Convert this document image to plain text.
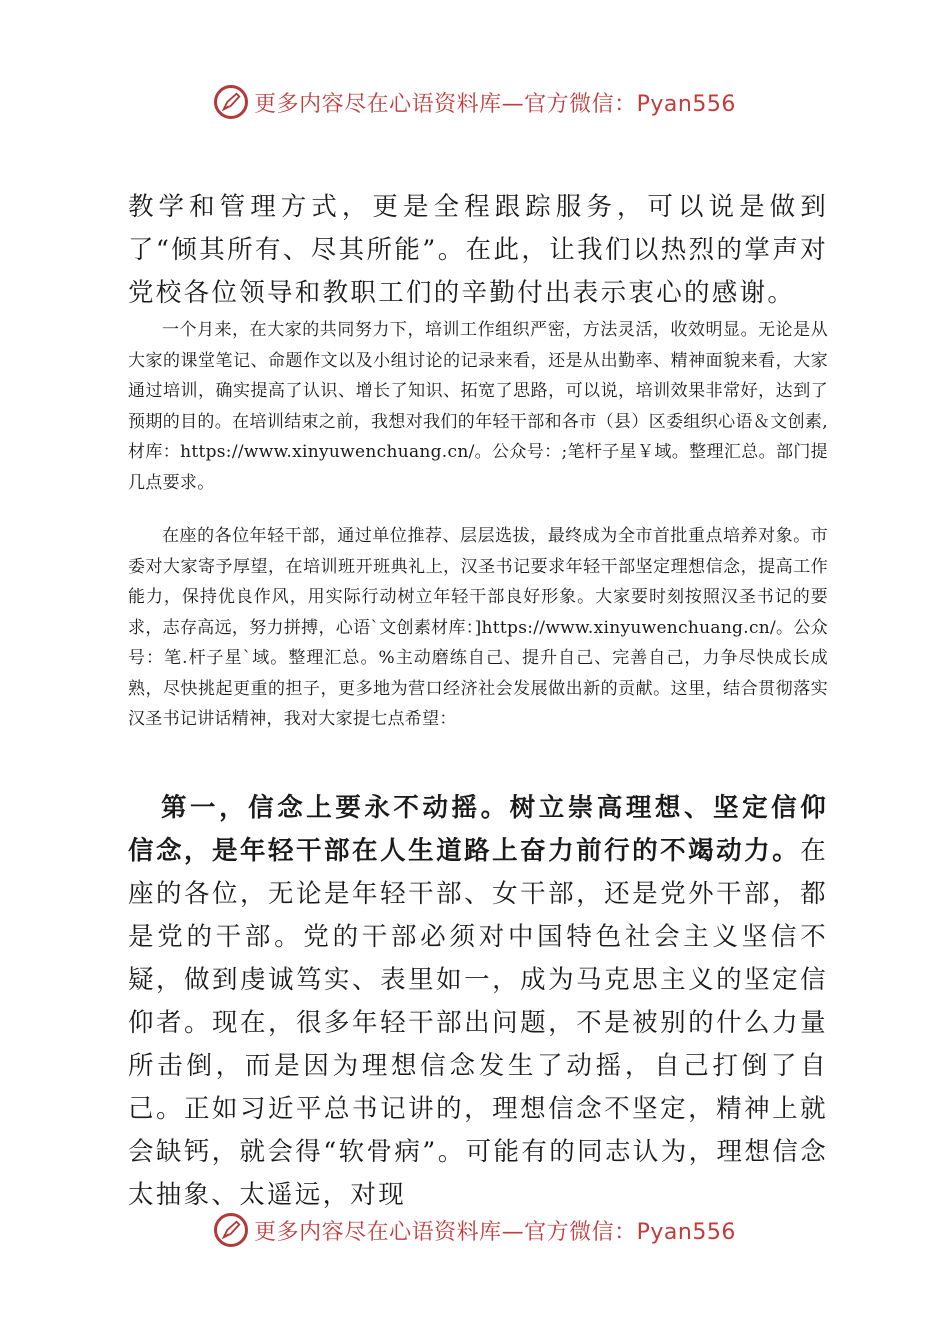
更多内容尽在心语资料库—官方微信：Pyan556

教学和管理方式，更是全程跟踪服务，可以说是做到了“倾其所有、尽其所能”。在此，让我们以热烈的掌声对党校各位领导和教职工们的辛勤付出表示衷心的感谢。

一个月来，在大家的共同努力下，培训工作组织严密，方法灵活，收效明显。无论是从大家的课堂笔记、命题作文以及小组讨论的记录来看，还是从出勤率、精神面貌来看，大家通过培训，确实提高了认识、增长了知识、拓宽了思路，可以说，培训效果非常好，达到了预期的目的。在培训结束之前，我想对我们的年轻干部和各市（县）区委组织心语＆文创素,材库：https://www.xinyuwenchuang.cn/。公众号：;笔杆子星￥域。整理汇总。部门提几点要求。

在座的各位年轻干部，通过单位推荐、层层选拔，最终成为全市首批重点培养对象。市委对大家寄予厚望，在培训班开班典礼上，汉圣书记要求年轻干部坚定理想信念，提高工作能力，保持优良作风，用实际行动树立年轻干部良好形象。大家要时刻按照汉圣书记的要求，志存高远，努力拼搏，心语`文创素材库：]https://www.xinyuwenchuang.cn/。公众号：笔.杆子星`域。整理汇总。%主动磨练自己、提升自己、完善自己，力争尽快成长成熟，尽快挑起更重的担子，更多地为营口经济社会发展做出新的贡献。这里，结合贯彻落实汉圣书记讲话精神，我对大家提七点希望：

第一，信念上要永不动摇。树立崇高理想、坚定信仰信念，是年轻干部在人生道路上奋力前行的不竭动力。在座的各位，无论是年轻干部、女干部，还是党外干部，都是党的干部。党的干部必须对中国特色社会主义坚信不疑，做到虔诚笃实、表里如一，成为马克思主义的坚定信仰者。现在，很多年轻干部出问题，不是被别的什么力量所击倒，而是因为理想信念发生了动摇，自己打倒了自己。正如习近平总书记讲的，理想信念不坚定，精神上就会缺钙，就会得“软骨病”。可能有的同志认为，理想信念太抽象、太遥远，对现

更多内容尽在心语资料库—官方微信：Pyan556
